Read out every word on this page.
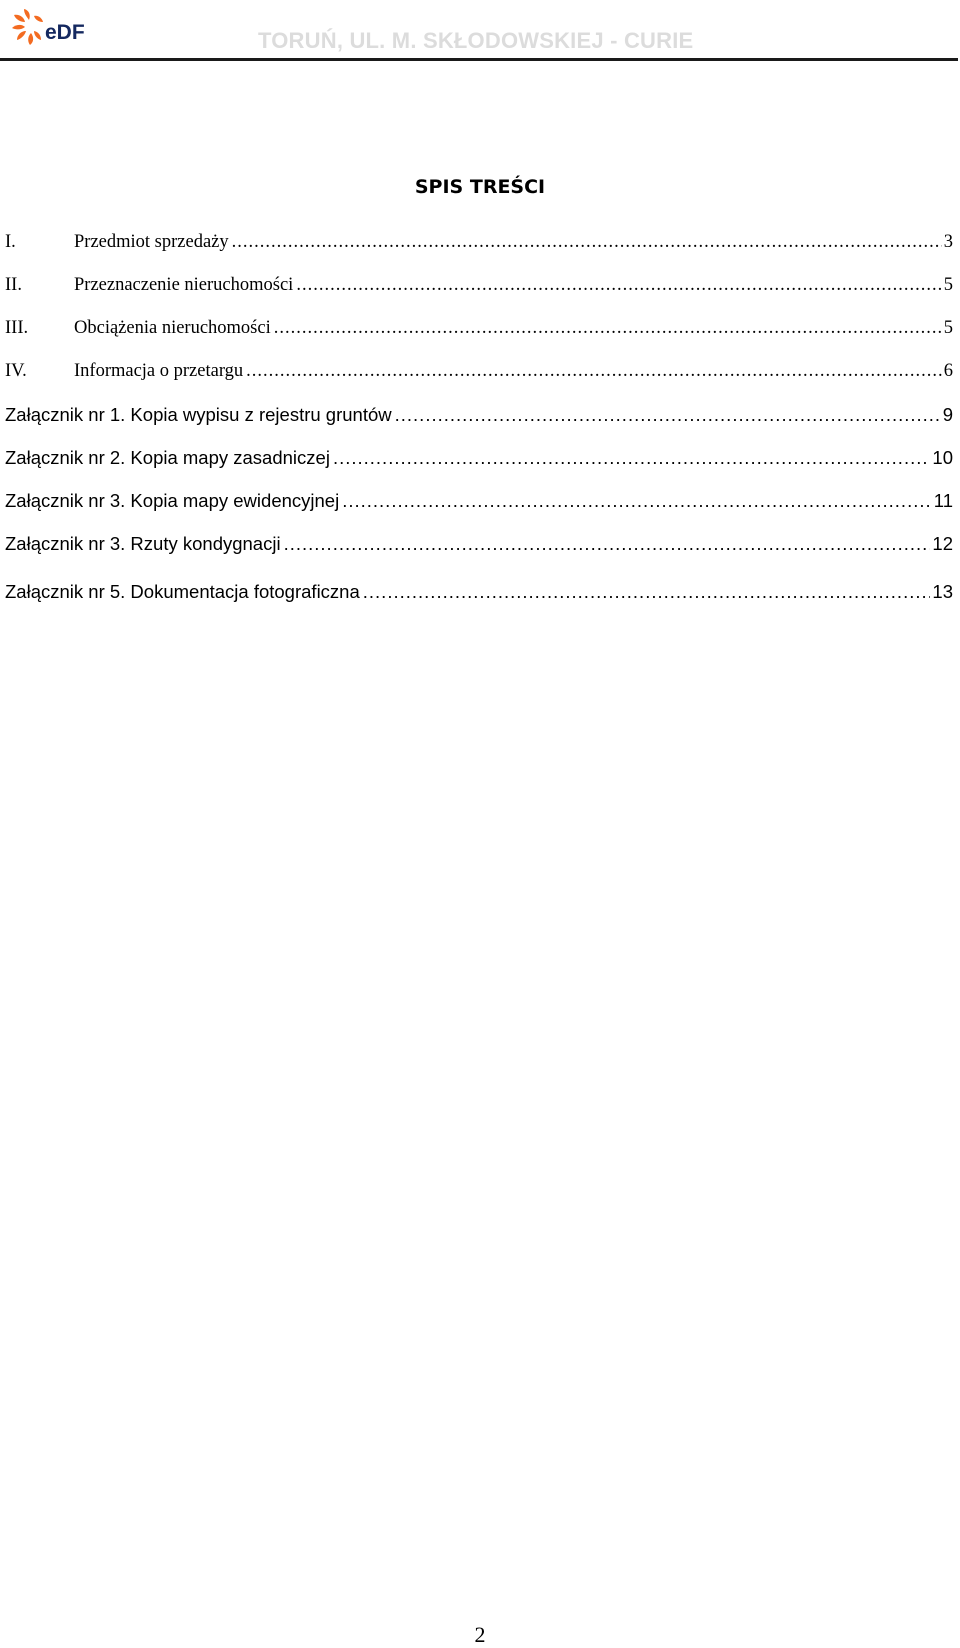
eDF	TORUŃ, UL. M. SKŁODOWSKIEJ - CURIE
SPIS TREŚCI
I.	Przedmiot sprzedaży .....	3
II.	Przeznaczenie nieruchomości .....	5
III.	Obciążenia nieruchomości .....	5
IV.	Informacja o przetargu .....	6
Załącznik nr 1. Kopia wypisu z rejestru gruntów .....	9
Załącznik nr 2. Kopia mapy zasadniczej .....	10
Załącznik nr 3. Kopia mapy ewidencyjnej .....	11
Załącznik nr 3. Rzuty kondygnacji .....	12
Załącznik nr 5. Dokumentacja fotograficzna .....	13
2
